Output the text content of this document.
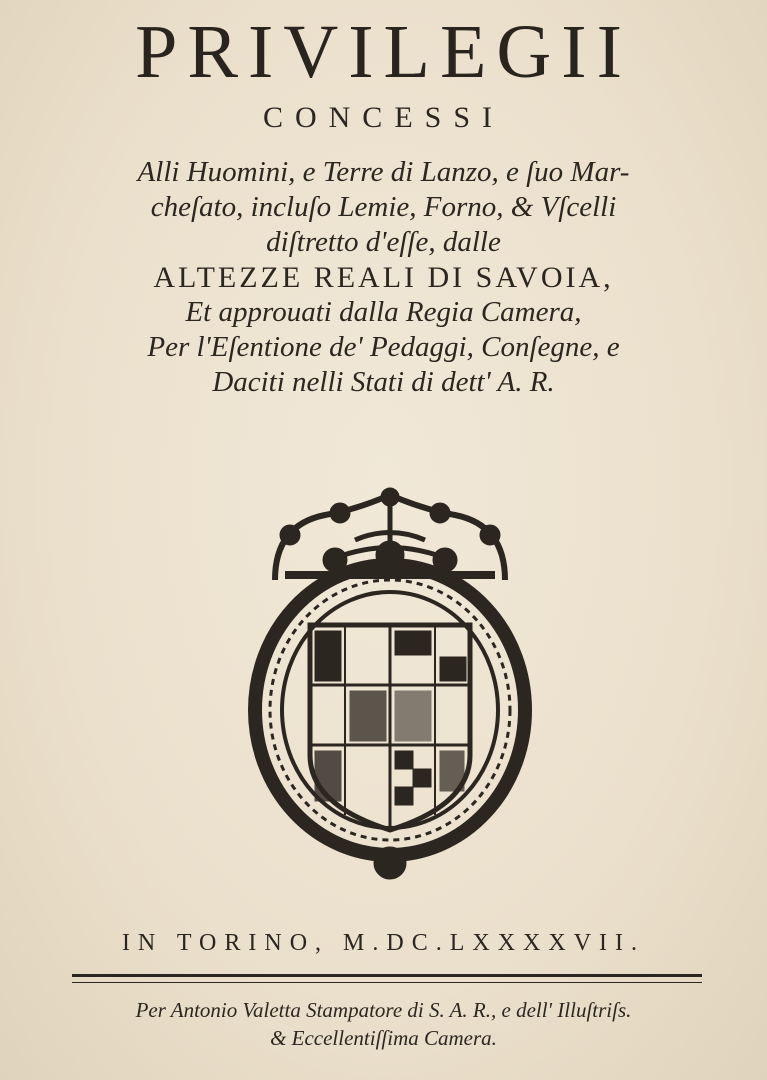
PRIVILEGII
CONCESSI
Alli Huomini, e Terre di Lanzo, e ſuo Mar-
cheſato, incluſo Lemie, Forno, & Vſcelli
diſtretto d'eſſe, dalle
ALTEZZE REALI DI SAVOIA,
Et approuati dalla Regia Camera,
Per l'Eſentione de' Pedaggi, Conſegne, e
Daciti nelli Stati di dett' A. R.
IN TORINO, M.DC.LXXXXVII.
Per Antonio Valetta Stampatore di S. A. R., e dell' Illuſtriſs.
& Eccellentiſſima Camera.
